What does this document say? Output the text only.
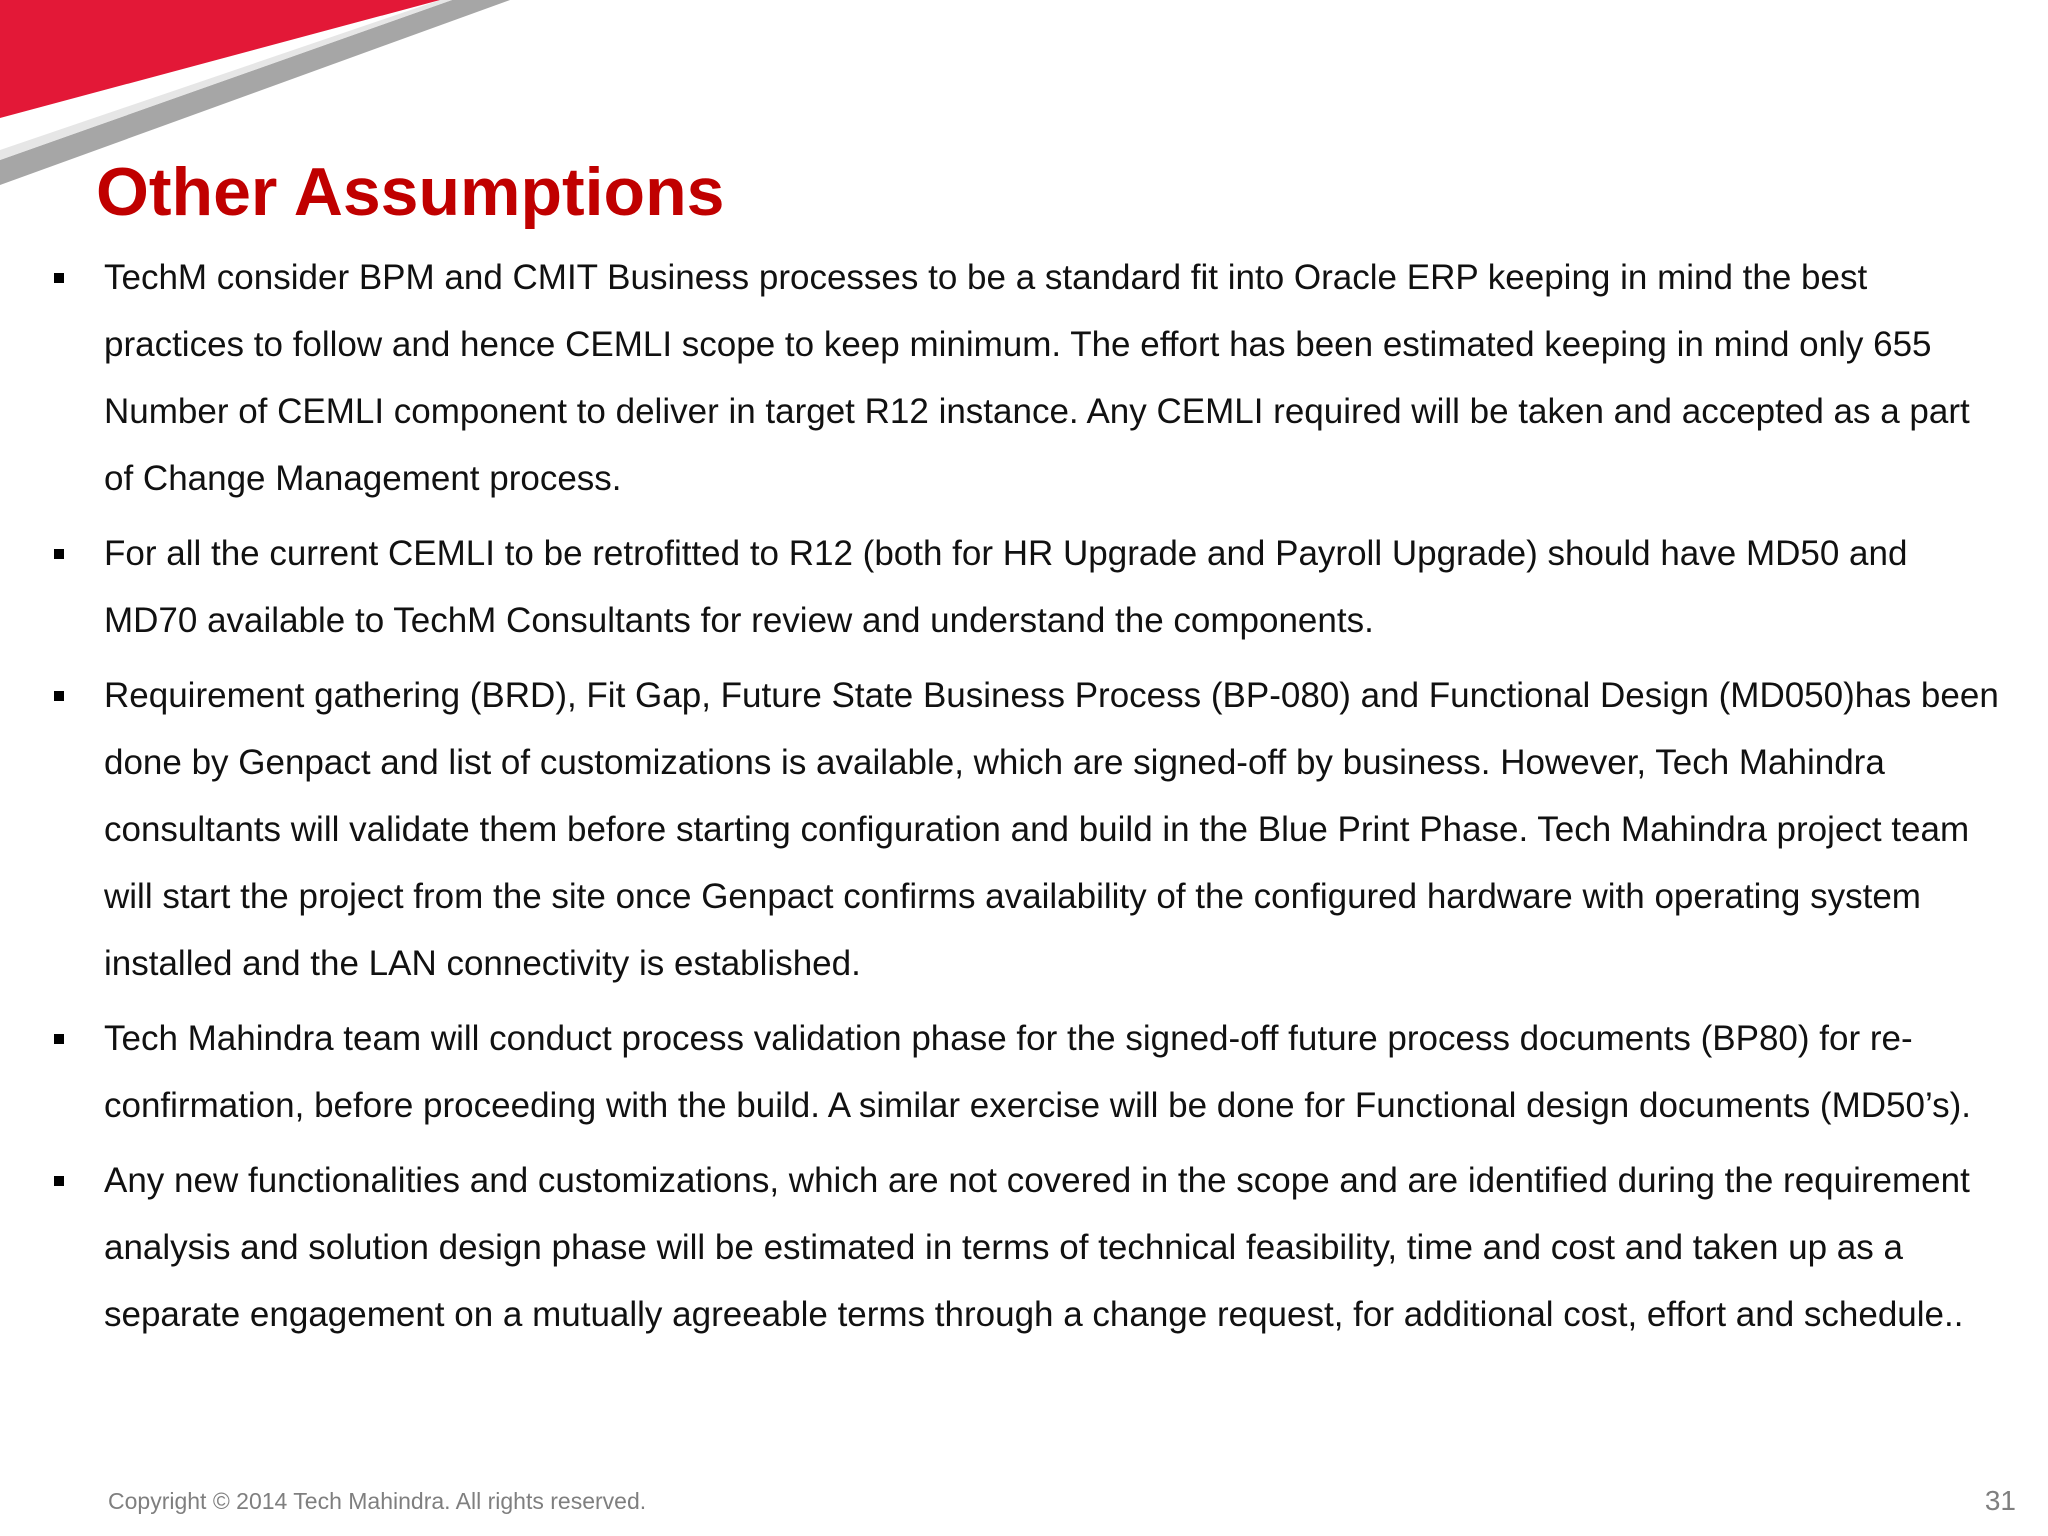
Other Assumptions
TechM consider BPM and CMIT Business processes to be a standard fit into Oracle ERP keeping in mind the best practices to follow and hence CEMLI scope to keep minimum. The effort has been estimated keeping in mind only 655 Number of CEMLI component to deliver in target R12 instance. Any CEMLI required will be taken and accepted as a part of Change Management process.
For all the current CEMLI to be retrofitted to R12 (both for HR Upgrade and Payroll Upgrade) should have MD50 and MD70 available to TechM Consultants for review and understand the components.
Requirement gathering (BRD), Fit Gap, Future State Business Process (BP-080) and Functional Design (MD050)has been done by Genpact and list of customizations is available, which are signed-off by business. However, Tech Mahindra consultants will validate them before starting configuration and build in the Blue Print Phase. Tech Mahindra project team will start the project from the site once Genpact confirms availability of the configured hardware with operating system installed and the LAN connectivity is established.
Tech Mahindra team will conduct process validation phase for the signed-off future process documents (BP80) for re-confirmation, before proceeding with the build. A similar exercise will be done for Functional design documents (MD50’s).
Any new functionalities and customizations, which are not covered in the scope and are identified during the requirement analysis and solution design phase will be estimated in terms of technical feasibility, time and cost and taken up as a separate engagement on a mutually agreeable terms through a change request, for additional cost, effort and schedule..
Copyright © 2014 Tech Mahindra. All rights reserved.	31
